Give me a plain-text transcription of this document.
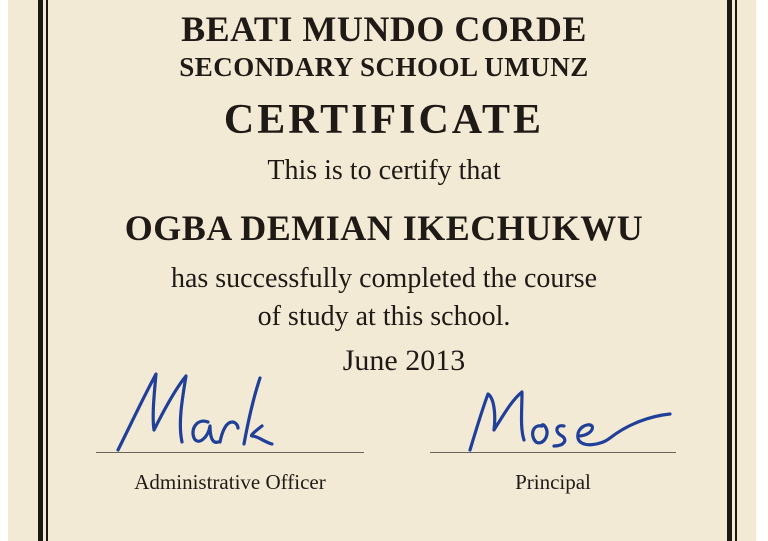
BEATI MUNDO CORDE
SECONDARY SCHOOL UMUNZ
CERTIFICATE
This is to certify that
OGBA DEMIAN IKECHUKWU
has successfully completed the course
of study at this school.
June 2013
Administrative Officer	Principal
